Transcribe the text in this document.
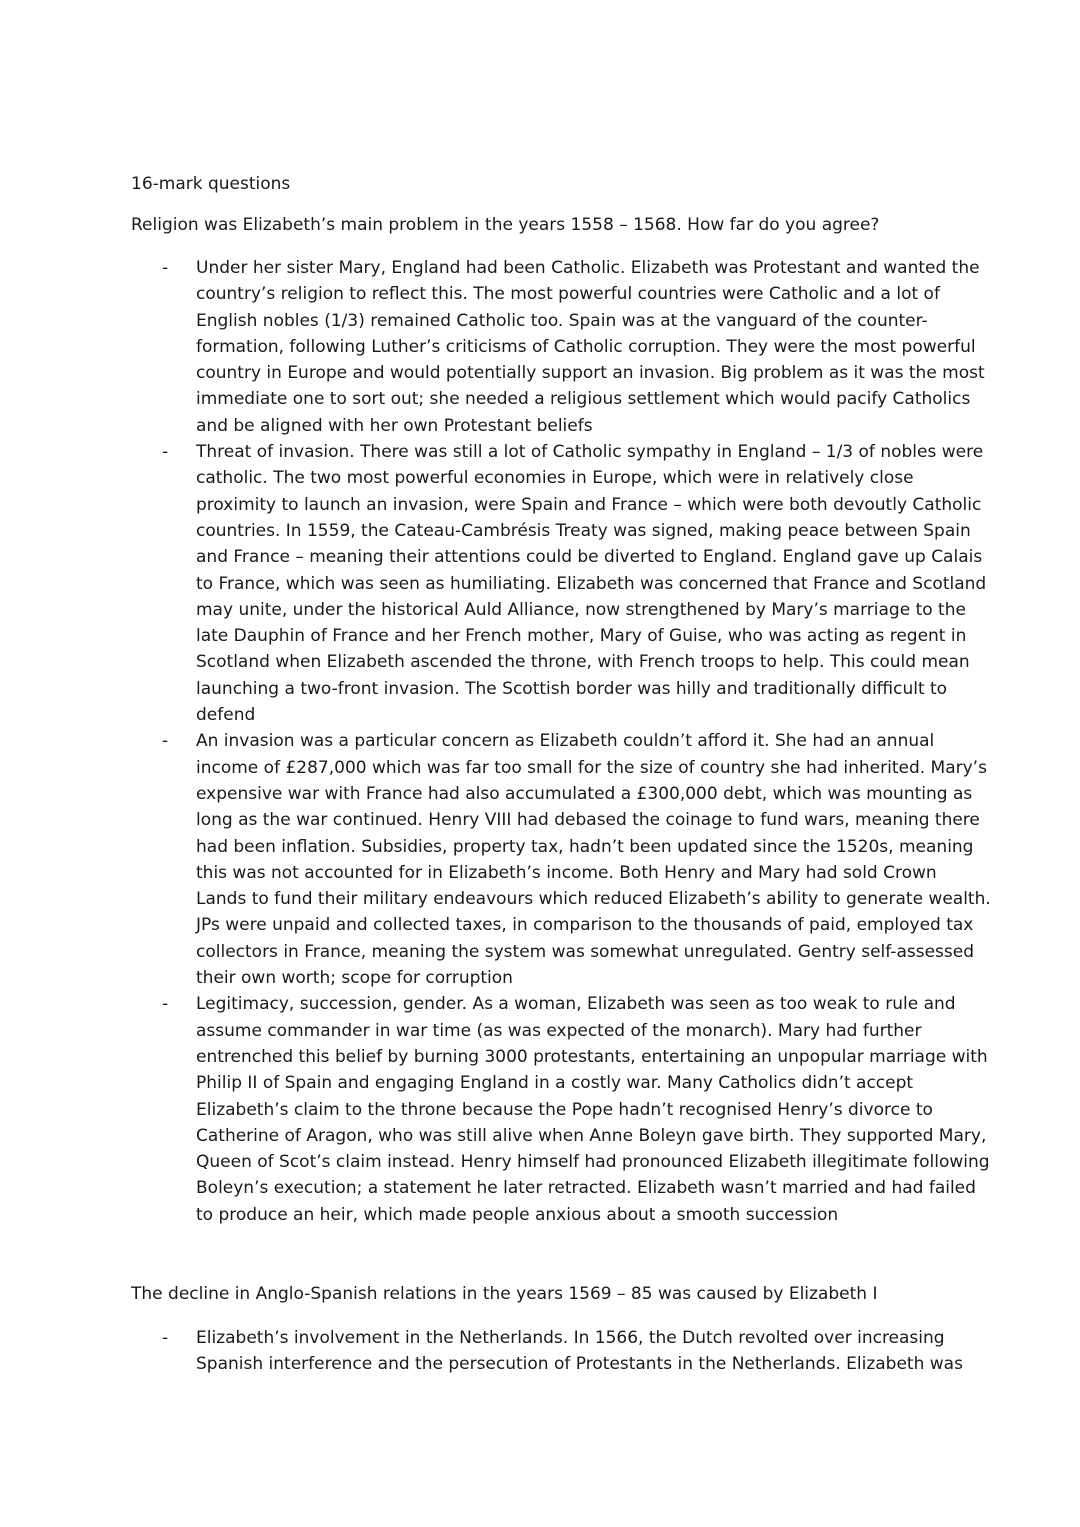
16-mark questions
Religion was Elizabeth’s main problem in the years 1558 – 1568. How far do you agree?
- Under her sister Mary, England had been Catholic. Elizabeth was Protestant and wanted the
country’s religion to reflect this. The most powerful countries were Catholic and a lot of
English nobles (1/3) remained Catholic too. Spain was at the vanguard of the counter-
formation, following Luther’s criticisms of Catholic corruption. They were the most powerful
country in Europe and would potentially support an invasion. Big problem as it was the most
immediate one to sort out; she needed a religious settlement which would pacify Catholics
and be aligned with her own Protestant beliefs
- Threat of invasion. There was still a lot of Catholic sympathy in England – 1/3 of nobles were
catholic. The two most powerful economies in Europe, which were in relatively close
proximity to launch an invasion, were Spain and France – which were both devoutly Catholic
countries. In 1559, the Cateau-Cambrésis Treaty was signed, making peace between Spain
and France – meaning their attentions could be diverted to England. England gave up Calais
to France, which was seen as humiliating. Elizabeth was concerned that France and Scotland
may unite, under the historical Auld Alliance, now strengthened by Mary’s marriage to the
late Dauphin of France and her French mother, Mary of Guise, who was acting as regent in
Scotland when Elizabeth ascended the throne, with French troops to help. This could mean
launching a two-front invasion. The Scottish border was hilly and traditionally difficult to
defend
- An invasion was a particular concern as Elizabeth couldn’t afford it. She had an annual
income of £287,000 which was far too small for the size of country she had inherited. Mary’s
expensive war with France had also accumulated a £300,000 debt, which was mounting as
long as the war continued. Henry VIII had debased the coinage to fund wars, meaning there
had been inflation. Subsidies, property tax, hadn’t been updated since the 1520s, meaning
this was not accounted for in Elizabeth’s income. Both Henry and Mary had sold Crown
Lands to fund their military endeavours which reduced Elizabeth’s ability to generate wealth.
JPs were unpaid and collected taxes, in comparison to the thousands of paid, employed tax
collectors in France, meaning the system was somewhat unregulated. Gentry self-assessed
their own worth; scope for corruption
- Legitimacy, succession, gender. As a woman, Elizabeth was seen as too weak to rule and
assume commander in war time (as was expected of the monarch). Mary had further
entrenched this belief by burning 3000 protestants, entertaining an unpopular marriage with
Philip II of Spain and engaging England in a costly war. Many Catholics didn’t accept
Elizabeth’s claim to the throne because the Pope hadn’t recognised Henry’s divorce to
Catherine of Aragon, who was still alive when Anne Boleyn gave birth. They supported Mary,
Queen of Scot’s claim instead. Henry himself had pronounced Elizabeth illegitimate following
Boleyn’s execution; a statement he later retracted. Elizabeth wasn’t married and had failed
to produce an heir, which made people anxious about a smooth succession
The decline in Anglo-Spanish relations in the years 1569 – 85 was caused by Elizabeth I
- Elizabeth’s involvement in the Netherlands. In 1566, the Dutch revolted over increasing
Spanish interference and the persecution of Protestants in the Netherlands. Elizabeth was
